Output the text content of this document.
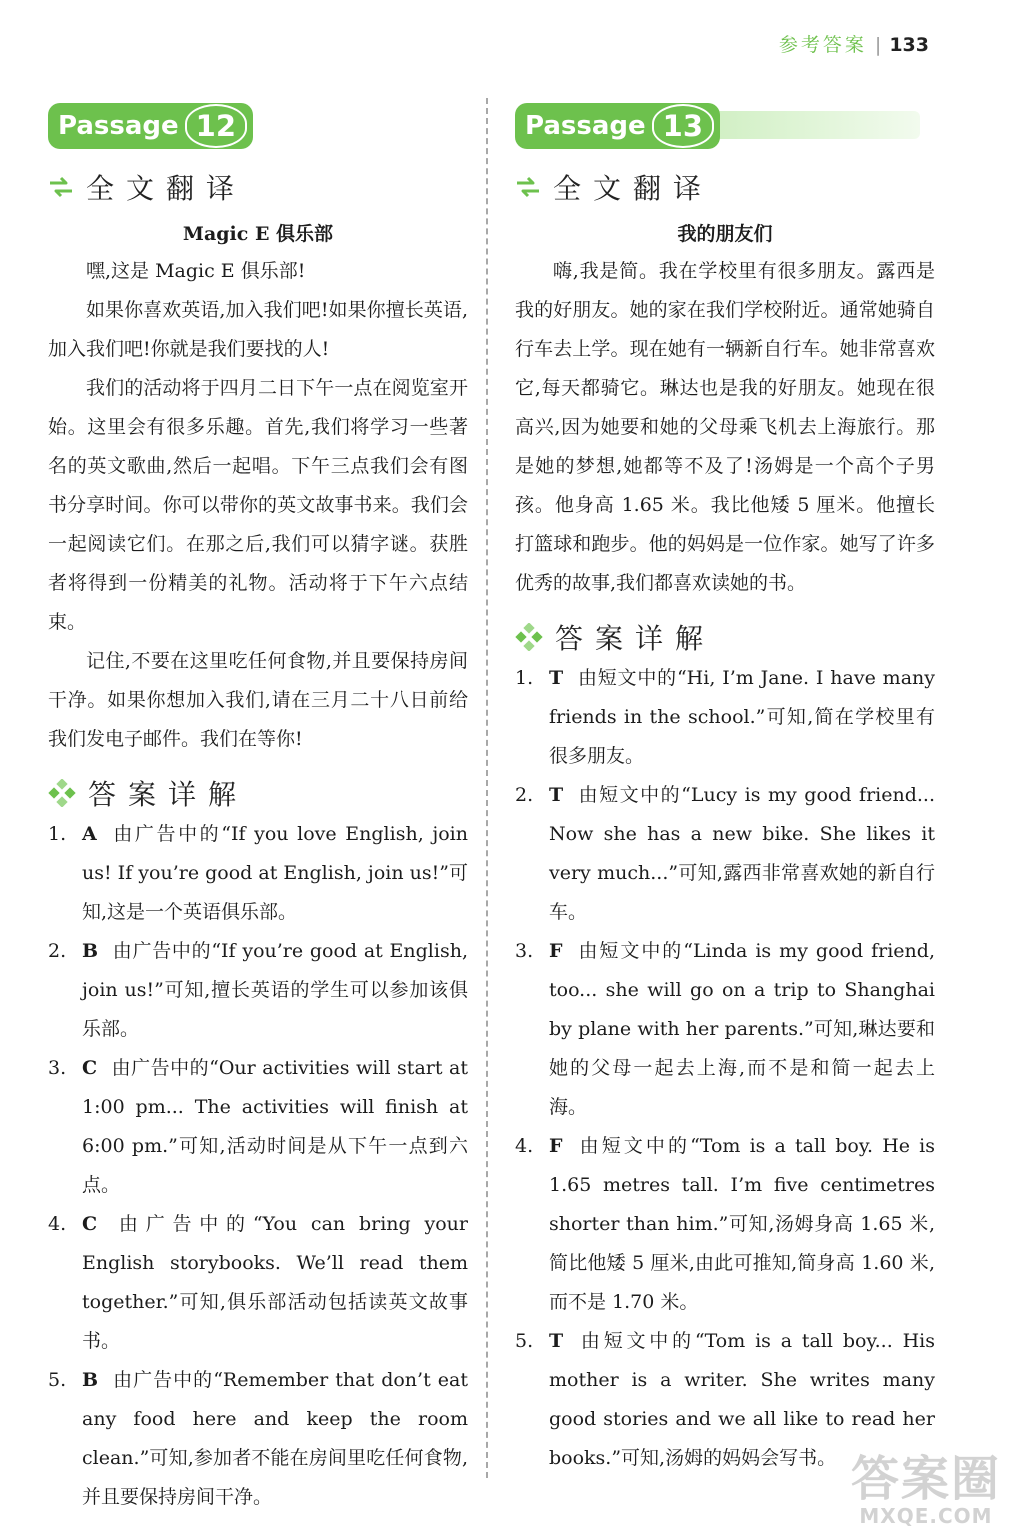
参考答案 | 133
Passage 12
全文翻译
Magic E 俱乐部

嘿,这是 Magic E 俱乐部!

如果你喜欢英语,加入我们吧!如果你擅长英语,加入我们吧!你就是我们要找的人!

我们的活动将于四月二日下午一点在阅览室开始。这里会有很多乐趣。首先,我们将学习一些著名的英文歌曲,然后一起唱。下午三点我们会有图书分享时间。你可以带你的英文故事书来。我们会一起阅读它们。在那之后,我们可以猜字谜。获胜者将得到一份精美的礼物。活动将于下午六点结束。

记住,不要在这里吃任何食物,并且要保持房间干净。如果你想加入我们,请在三月二十八日前给我们发电子邮件。我们在等你!

答案详解
1. A 由广告中的“If you love English, join us! If you’re good at English, join us!”可知,这是一个英语俱乐部。
2. B 由广告中的“If you’re good at English, join us!”可知,擅长英语的学生可以参加该俱乐部。
3. C 由广告中的“Our activities will start at 1:00 pm... The activities will finish at 6:00 pm.”可知,活动时间是从下午一点到六点。
4. C 由广告中的“You can bring your English storybooks. We’ll read them together.”可知,俱乐部活动包括读英文故事书。
5. B 由广告中的“Remember that don’t eat any food here and keep the room clean.”可知,参加者不能在房间里吃任何食物,并且要保持房间干净。
Passage 13
全文翻译
我的朋友们

嗨,我是简。我在学校里有很多朋友。露西是我的好朋友。她的家在我们学校附近。通常她骑自行车去上学。现在她有一辆新自行车。她非常喜欢它,每天都骑它。琳达也是我的好朋友。她现在很高兴,因为她要和她的父母乘飞机去上海旅行。那是她的梦想,她都等不及了!汤姆是一个高个子男孩。他身高 1.65 米。我比他矮 5 厘米。他擅长打篮球和跑步。他的妈妈是一位作家。她写了许多优秀的故事,我们都喜欢读她的书。

答案详解
1. T 由短文中的“Hi, I’m Jane. I have many friends in the school.”可知,简在学校里有很多朋友。
2. T 由短文中的“Lucy is my good friend... Now she has a new bike. She likes it very much...”可知,露西非常喜欢她的新自行车。
3. F 由短文中的“Linda is my good friend, too... she will go on a trip to Shanghai by plane with her parents.”可知,琳达要和她的父母一起去上海,而不是和简一起去上海。
4. F 由短文中的“Tom is a tall boy. He is 1.65 metres tall. I’m five centimetres shorter than him.”可知,汤姆身高 1.65 米,简比他矮 5 厘米,由此可推知,简身高 1.60 米,而不是 1.70 米。
5. T 由短文中的“Tom is a tall boy... His mother is a writer. She writes many good stories and we all like to read her books.”可知,汤姆的妈妈会写书。 答案圈
MXQE.COM
